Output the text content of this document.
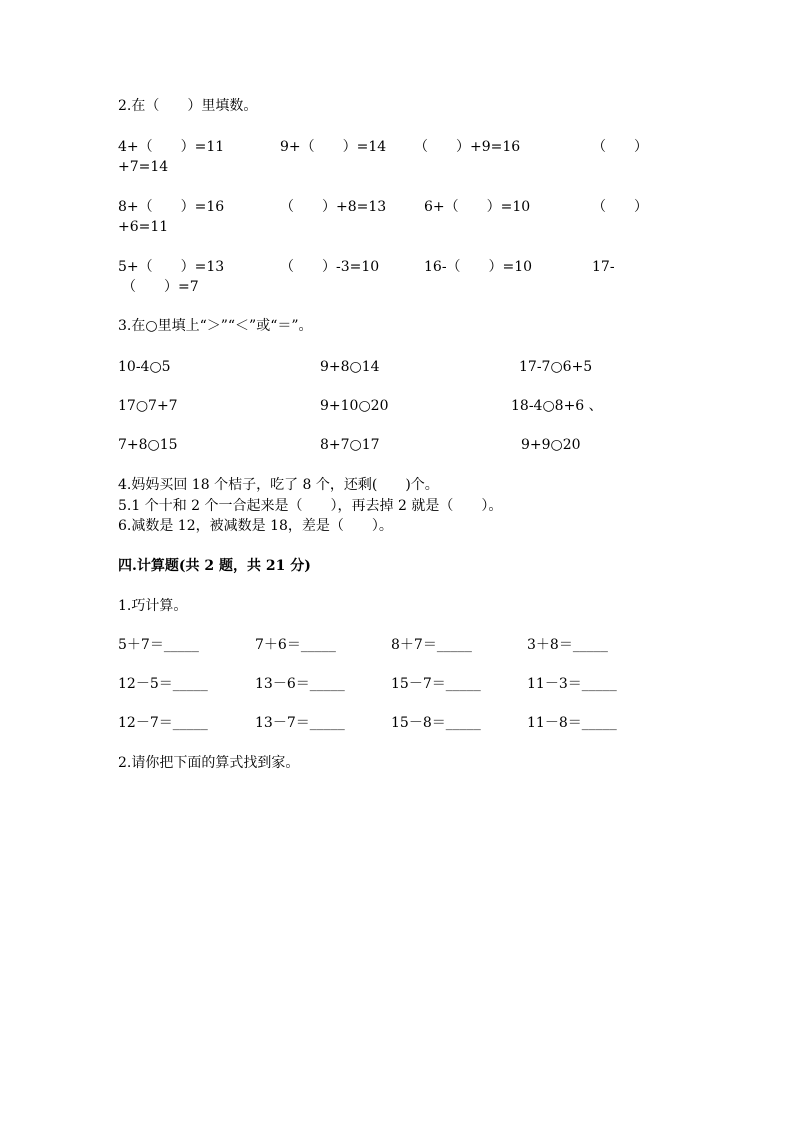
2.在（　　）里填数。
4+（　　）=11	9+（　　）=14 （　　）+9=16	（　　）
+7=14
8+（　　）=16	（　　）+8=13	6+（　　）=10	（　　）
+6=11
5+（　　）=13	（　　）-3=10	16-（　　）=10	17-
（　　）=7
3.在○里填上“＞”“＜”或“＝”。
10-4○5	9+8○14	17-7○6+5
17○7+7	9+10○20	18-4○8+6 、
7+8○15	8+7○17	9+9○20
4.妈妈买回 18 个桔子，吃了 8 个，还剩(　　)个。
5.1 个十和 2 个一合起来是（　　），再去掉 2 就是（　　）。
6.减数是 12，被减数是 18，差是（　　）。
四.计算题(共 2 题，共 21 分)
1.巧计算。
5＋7＝_____	7＋6＝_____	8＋7＝_____	3＋8＝_____
12－5＝_____	13－6＝_____	15－7＝_____	11－3＝_____
12－7＝_____	13－7＝_____	15－8＝_____	11－8＝_____
2.请你把下面的算式找到家。
